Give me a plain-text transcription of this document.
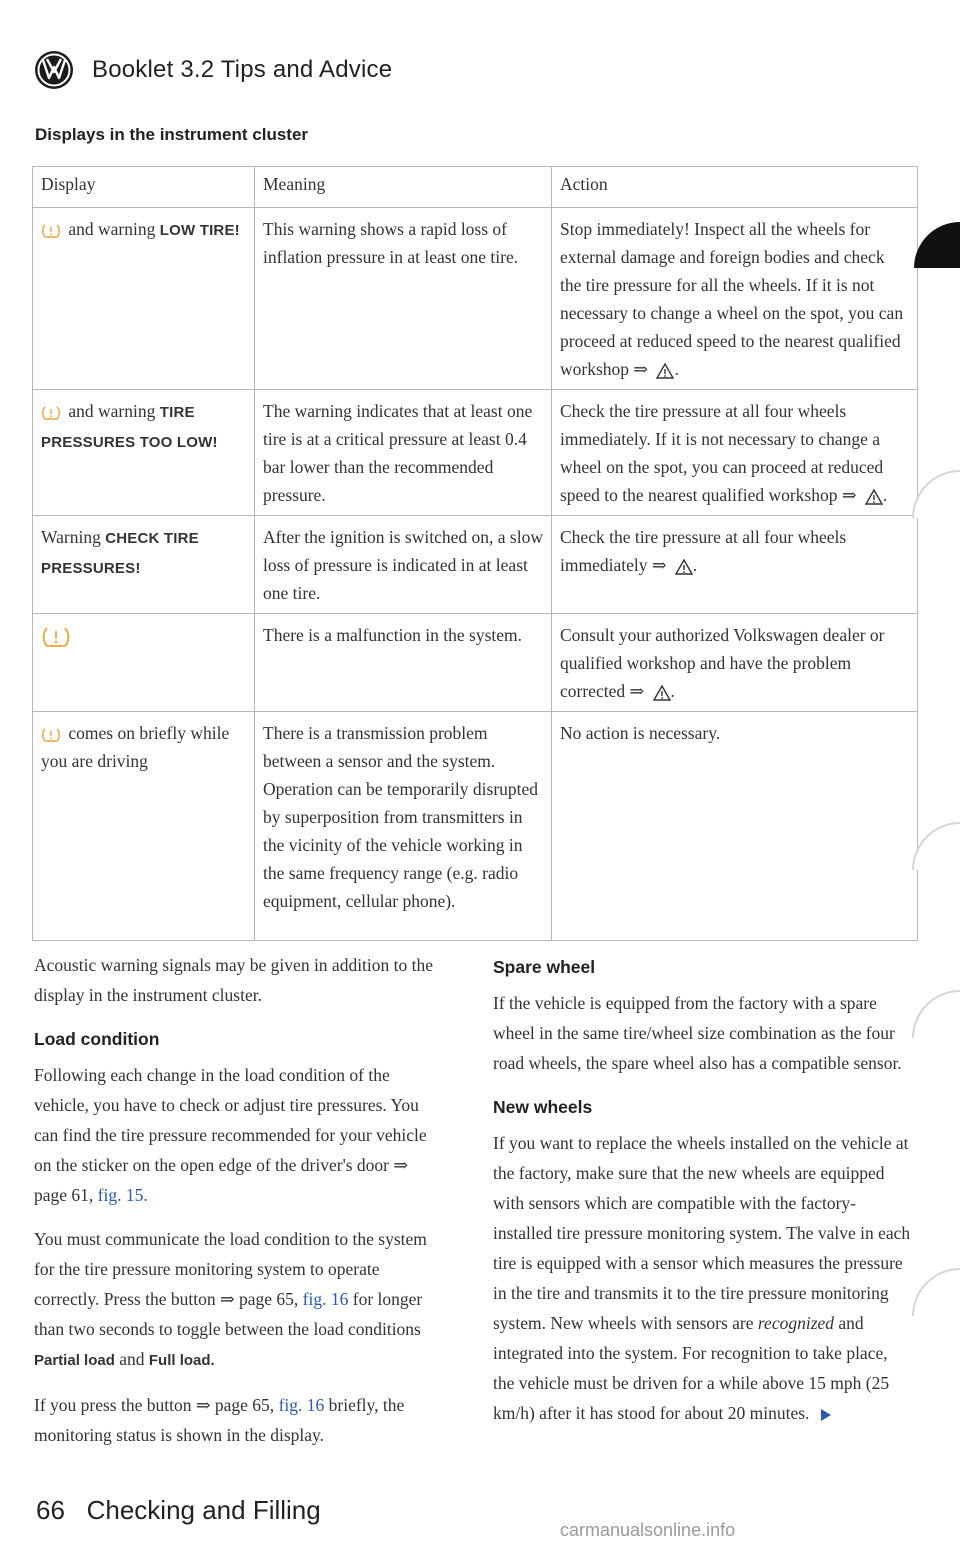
VW
Booklet 3.2 Tips and Advice
Displays in the instrument cluster
Display	Meaning	Action
and warning LOW TIRE!	This warning shows a rapid loss of inflation pressure in at least one tire.	Stop immediately! Inspect all the wheels for external damage and foreign bodies and check the tire pressure for all the wheels. If it is not necessary to change a wheel on the spot, you can proceed at reduced speed to the nearest qualified workshop ⇒ .
and warning TIRE PRESSURES TOO LOW!	The warning indicates that at least one tire is at a critical pressure at least 0.4 bar lower than the recommended pressure.	Check the tire pressure at all four wheels immediately. If it is not necessary to change a wheel on the spot, you can proceed at reduced speed to the nearest qualified workshop ⇒ .
Warning CHECK TIRE PRESSURES!	After the ignition is switched on, a slow loss of pressure is indicated in at least one tire.	Check the tire pressure at all four wheels immediately ⇒ .
	There is a malfunction in the system.	Consult your authorized Volkswagen dealer or qualified workshop and have the problem corrected ⇒ .
comes on briefly while you are driving	There is a transmission problem between a sensor and the system. Operation can be temporarily disrupted by superposition from transmitters in the vicinity of the vehicle working in the same frequency range (e.g. radio equipment, cellular phone).	No action is necessary.

Acoustic warning signals may be given in addition to the display in the instrument cluster.

Load condition

Following each change in the load condition of the vehicle, you have to check or adjust tire pressures. You can find the tire pressure recommended for your vehicle on the sticker on the open edge of the driver's door ⇒ page 61, fig. 15.

You must communicate the load condition to the system for the tire pressure monitoring system to operate correctly. Press the button ⇒ page 65, fig. 16 for longer than two seconds to toggle between the load conditions Partial load and Full load.

If you press the button ⇒ page 65, fig. 16 briefly, the monitoring status is shown in the display.

Spare wheel

If the vehicle is equipped from the factory with a spare wheel in the same tire/wheel size combination as the four road wheels, the spare wheel also has a compatible sensor.

New wheels

If you want to replace the wheels installed on the vehicle at the factory, make sure that the new wheels are equipped with sensors which are compatible with the factory-installed tire pressure monitoring system. The valve in each tire is equipped with a sensor which measures the pressure in the tire and transmits it to the tire pressure monitoring system. New wheels with sensors are recognized and integrated into the system. For recognition to take place, the vehicle must be driven for a while above 15 mph (25 km/h) after it has stood for about 20 minutes.

66 Checking and Filling
carmanualsonline.info
